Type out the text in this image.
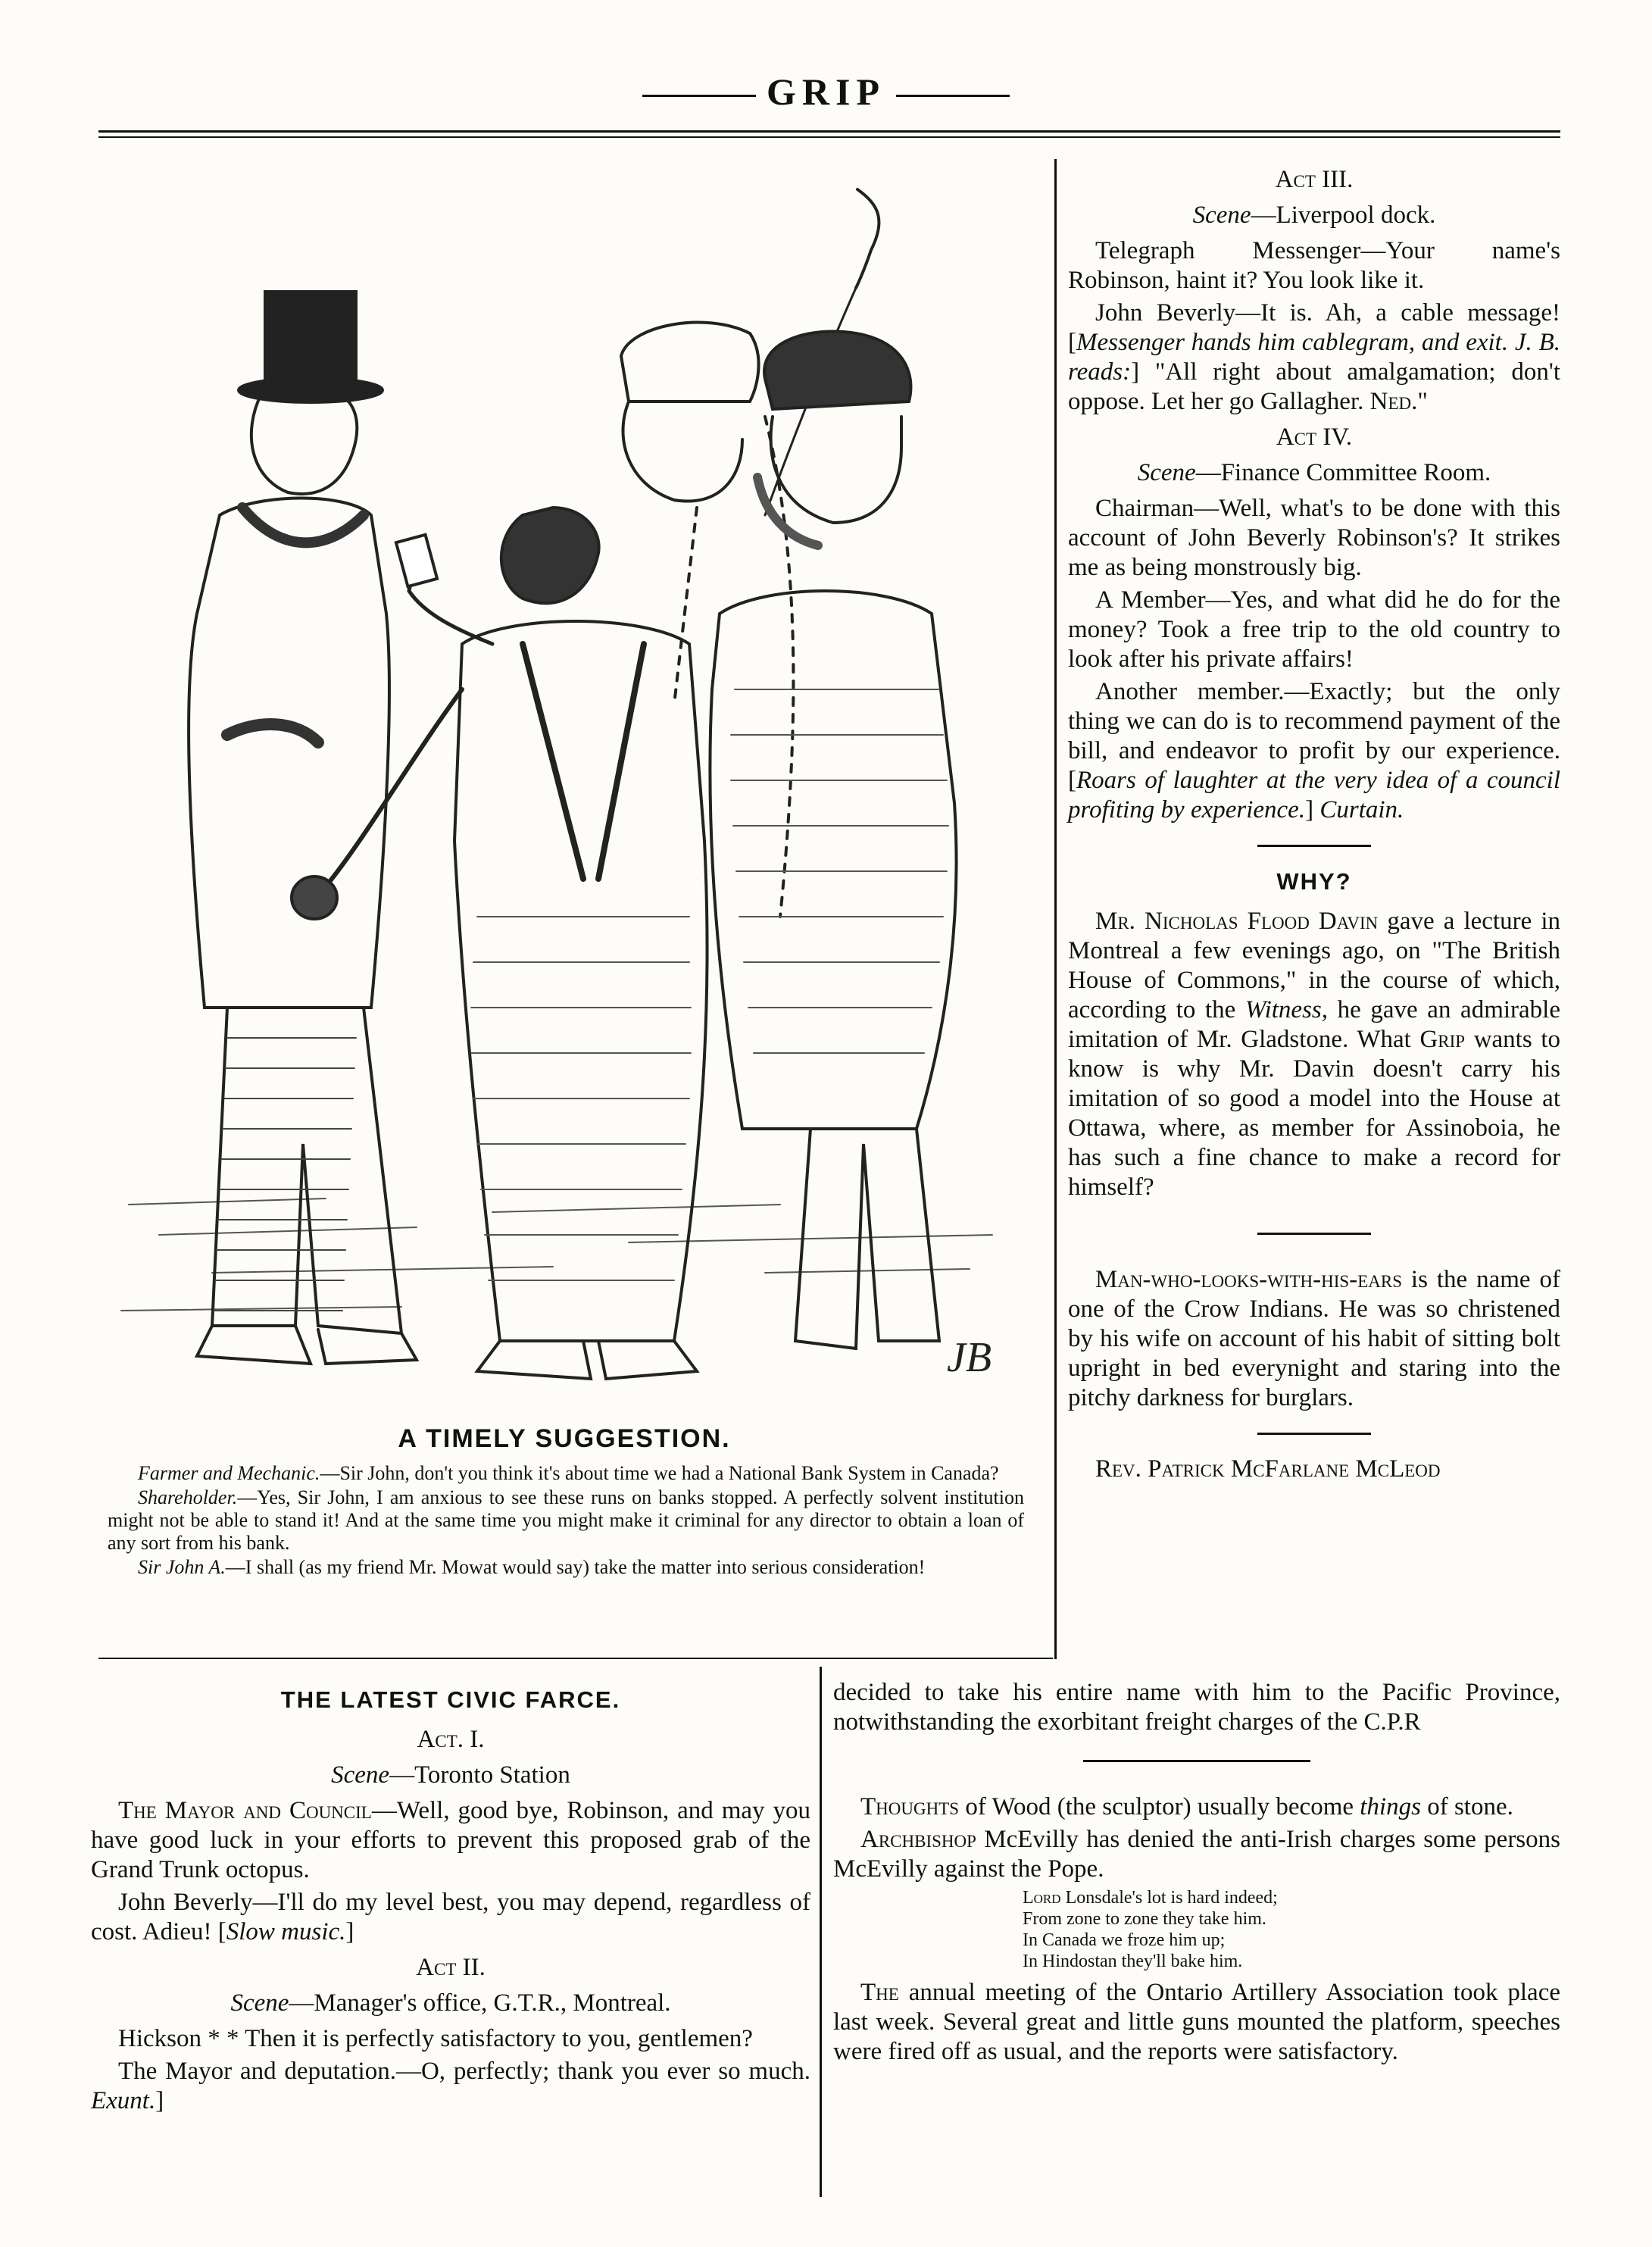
GRIP
JB
A TIMELY SUGGESTION.

Farmer and Mechanic.—Sir John, don't you think it's about time we had a National Bank System in Canada?

Shareholder.—Yes, Sir John, I am anxious to see these runs on banks stopped. A perfectly solvent institution might not be able to stand it! And at the same time you might make it criminal for any director to obtain a loan of any sort from his bank.

Sir John A.—I shall (as my friend Mr. Mowat would say) take the matter into serious consideration!

Act III.

Scene—Liverpool dock.

Telegraph Messenger—Your name's Robinson, haint it? You look like it.

John Beverly—It is. Ah, a cable message! [Messenger hands him cablegram, and exit. J. B. reads:] "All right about amalgamation; don't oppose. Let her go Gallagher. Ned."

Act IV.

Scene—Finance Committee Room.

Chairman—Well, what's to be done with this account of John Beverly Robinson's? It strikes me as being monstrously big.

A Member—Yes, and what did he do for the money? Took a free trip to the old country to look after his private affairs!

Another member.—Exactly; but the only thing we can do is to recommend payment of the bill, and endeavor to profit by our experience. [Roars of laughter at the very idea of a council profiting by experience.] Curtain.

WHY?

Mr. Nicholas Flood Davin gave a lecture in Montreal a few evenings ago, on "The British House of Commons," in the course of which, according to the Witness, he gave an admirable imitation of Mr. Gladstone. What Grip wants to know is why Mr. Davin doesn't carry his imitation of so good a model into the House at Ottawa, where, as member for Assinoboia, he has such a fine chance to make a record for himself?

Man-who-looks-with-his-ears is the name of one of the Crow Indians. He was so christened by his wife on account of his habit of sitting bolt upright in bed everynight and staring into the pitchy darkness for burglars.

Rev. Patrick McFarlane McLeod

THE LATEST CIVIC FARCE.

Act. I.

Scene—Toronto Station

The Mayor and Council—Well, good bye, Robinson, and may you have good luck in your efforts to prevent this proposed grab of the Grand Trunk octopus.

John Beverly—I'll do my level best, you may depend, regardless of cost. Adieu! [Slow music.]

Act II.

Scene—Manager's office, G.T.R., Montreal.

Hickson * * Then it is perfectly satisfactory to you, gentlemen?

The Mayor and deputation.—O, perfectly; thank you ever so much. Exunt.]

decided to take his entire name with him to the Pacific Province, notwithstanding the exorbitant freight charges of the C.P.R

Thoughts of Wood (the sculptor) usually become things of stone.

Archbishop McEvilly has denied the anti-Irish charges some persons McEvilly against the Pope.

Lord Lonsdale's lot is hard indeed;
From zone to zone they take him.
In Canada we froze him up;
In Hindostan they'll bake him.

The annual meeting of the Ontario Artillery Association took place last week. Several great and little guns mounted the platform, speeches were fired off as usual, and the reports were satisfactory.
